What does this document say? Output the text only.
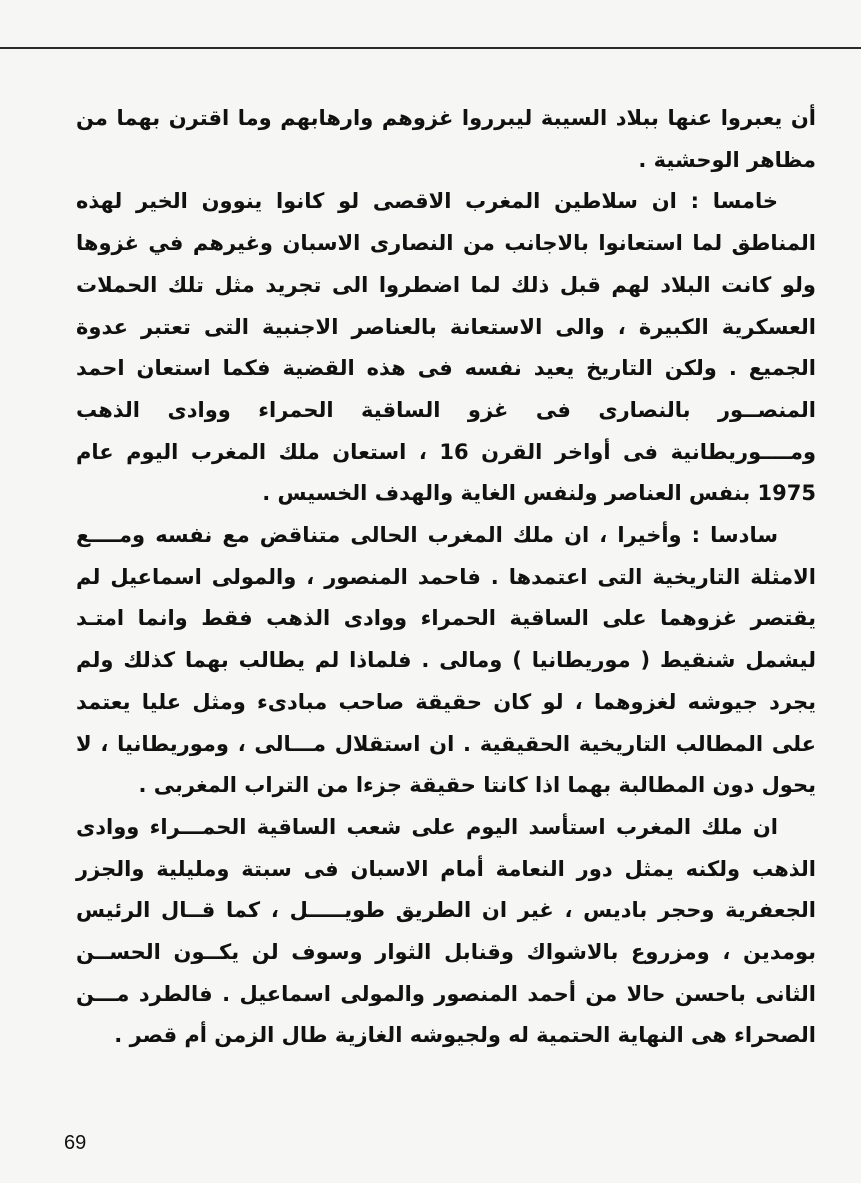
أن يعبروا عنها ببلاد السيبة ليبرروا غزوهم وارهابهم وما اقترن بهما من مظاهر الوحشية .

خامسا : ان سلاطين المغرب الاقصى لو كانوا ينوون الخير لهذه المناطق لما استعانوا بالاجانب من النصارى الاسبان وغيرهم في غزوها ولو كانت البلاد لهم قبل ذلك لما اضطروا الى تجريد مثل تلك الحملات العسكرية الكبيرة ، والى الاستعانة بالعناصر الاجنبية التى تعتبر عدوة الجميع . ولكن التاريخ يعيد نفسه فى هذه القضية فكما استعان احمد المنصــور بالنصارى فى غزو الساقية الحمراء ووادى الذهب ومــــوريطانية فى أواخر القرن 16 ، استعان ملك المغرب اليوم عام 1975 بنفس العناصر ولنفس الغاية والهدف الخسيس .

سادسا : وأخيرا ، ان ملك المغرب الحالى متناقض مع نفسه ومــــع الامثلة التاريخية التى اعتمدها . فاحمد المنصور ، والمولى اسماعيل لم يقتصر غزوهما على الساقية الحمراء ووادى الذهب فقط وانما امتـد ليشمل شنقيط ( موريطانيا ) ومالى . فلماذا لم يطالب بهما كذلك ولم يجرد جيوشه لغزوهما ، لو كان حقيقة صاحب مبادىء ومثل عليا يعتمد على المطالب التاريخية الحقيقية . ان استقلال مـــالى ، وموريطانيا ، لا يحول دون المطالبة بهما اذا كانتا حقيقة جزءا من التراب المغربى .

ان ملك المغرب استأسد اليوم على شعب الساقية الحمـــراء ووادى الذهب ولكنه يمثل دور النعامة أمام الاسبان فى سبتة ومليلية والجزر الجعفرية وحجر باديس ، غير ان الطريق طويـــــل ، كما قــال الرئيس بومدين ، ومزروع بالاشواك وقنابل الثوار وسوف لن يكــون الحســن الثانى باحسن حالا من أحمد المنصور والمولى اسماعيل . فالطرد مـــن الصحراء هى النهاية الحتمية له ولجيوشه الغازية طال الزمن أم قصر .

69
